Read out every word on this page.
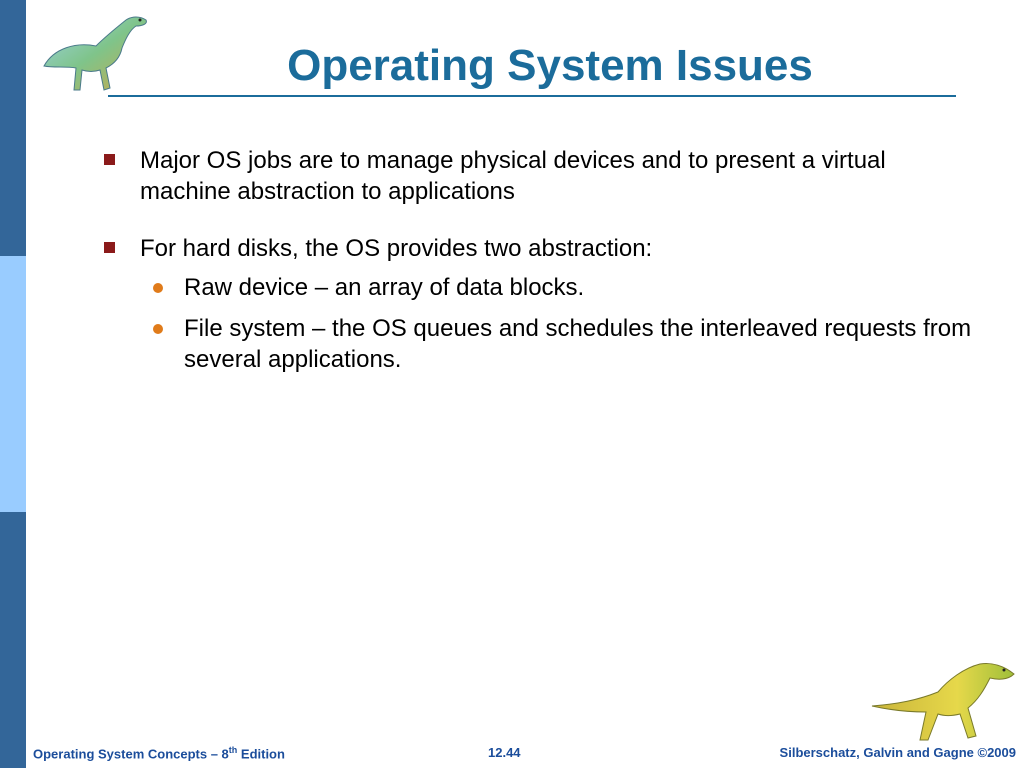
Operating System Issues
Major OS jobs are to manage physical devices and to present a virtual machine abstraction to applications
For hard disks, the OS provides two abstraction:
Raw device – an array of data blocks.
File system – the OS queues and schedules the interleaved requests from several applications.
Operating System Concepts – 8th Edition	12.44	Silberschatz, Galvin and Gagne ©2009
